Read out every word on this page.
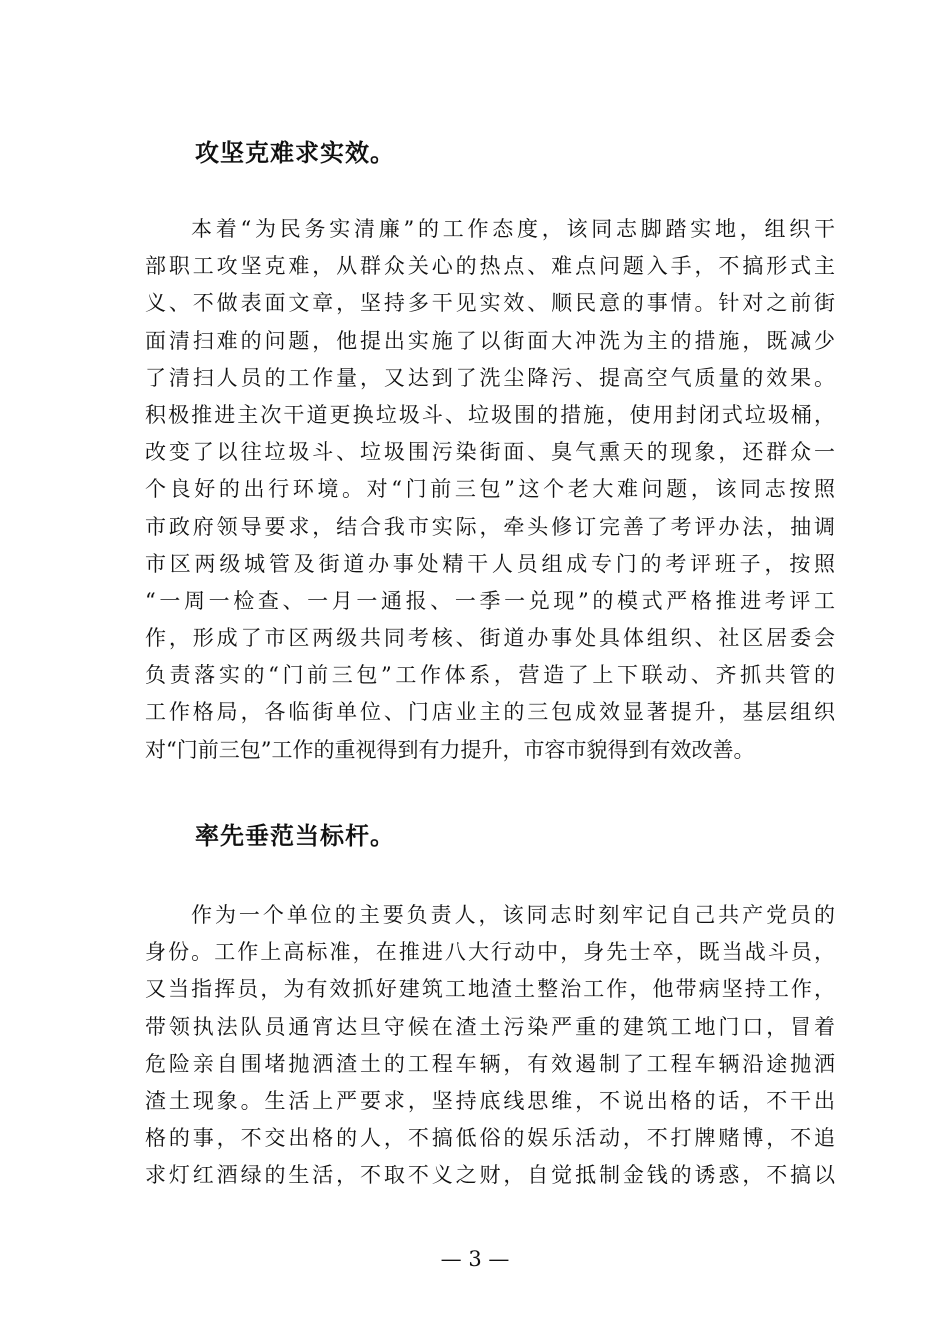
攻坚克难求实效。
本着“为民务实清廉”的工作态度，该同志脚踏实地，组织干
部职工攻坚克难，从群众关心的热点、难点问题入手，不搞形式主
义、不做表面文章，坚持多干见实效、顺民意的事情。针对之前街
面清扫难的问题，他提出实施了以街面大冲洗为主的措施，既减少
了清扫人员的工作量，又达到了洗尘降污、提高空气质量的效果。
积极推进主次干道更换垃圾斗、垃圾围的措施，使用封闭式垃圾桶，
改变了以往垃圾斗、垃圾围污染街面、臭气熏天的现象，还群众一
个良好的出行环境。对“门前三包”这个老大难问题，该同志按照
市政府领导要求，结合我市实际，牵头修订完善了考评办法，抽调
市区两级城管及街道办事处精干人员组成专门的考评班子，按照
“一周一检查、一月一通报、一季一兑现”的模式严格推进考评工
作，形成了市区两级共同考核、街道办事处具体组织、社区居委会
负责落实的“门前三包”工作体系，营造了上下联动、齐抓共管的
工作格局，各临街单位、门店业主的三包成效显著提升，基层组织
对“门前三包”工作的重视得到有力提升，市容市貌得到有效改善。
率先垂范当标杆。
作为一个单位的主要负责人，该同志时刻牢记自己共产党员的
身份。工作上高标准，在推进八大行动中，身先士卒，既当战斗员，
又当指挥员，为有效抓好建筑工地渣土整治工作，他带病坚持工作，
带领执法队员通宵达旦守候在渣土污染严重的建筑工地门口，冒着
危险亲自围堵抛洒渣土的工程车辆，有效遏制了工程车辆沿途抛洒
渣土现象。生活上严要求，坚持底线思维，不说出格的话，不干出
格的事，不交出格的人，不搞低俗的娱乐活动，不打牌赌博，不追
求灯红酒绿的生活，不取不义之财，自觉抵制金钱的诱惑，不搞以
— 3 —
